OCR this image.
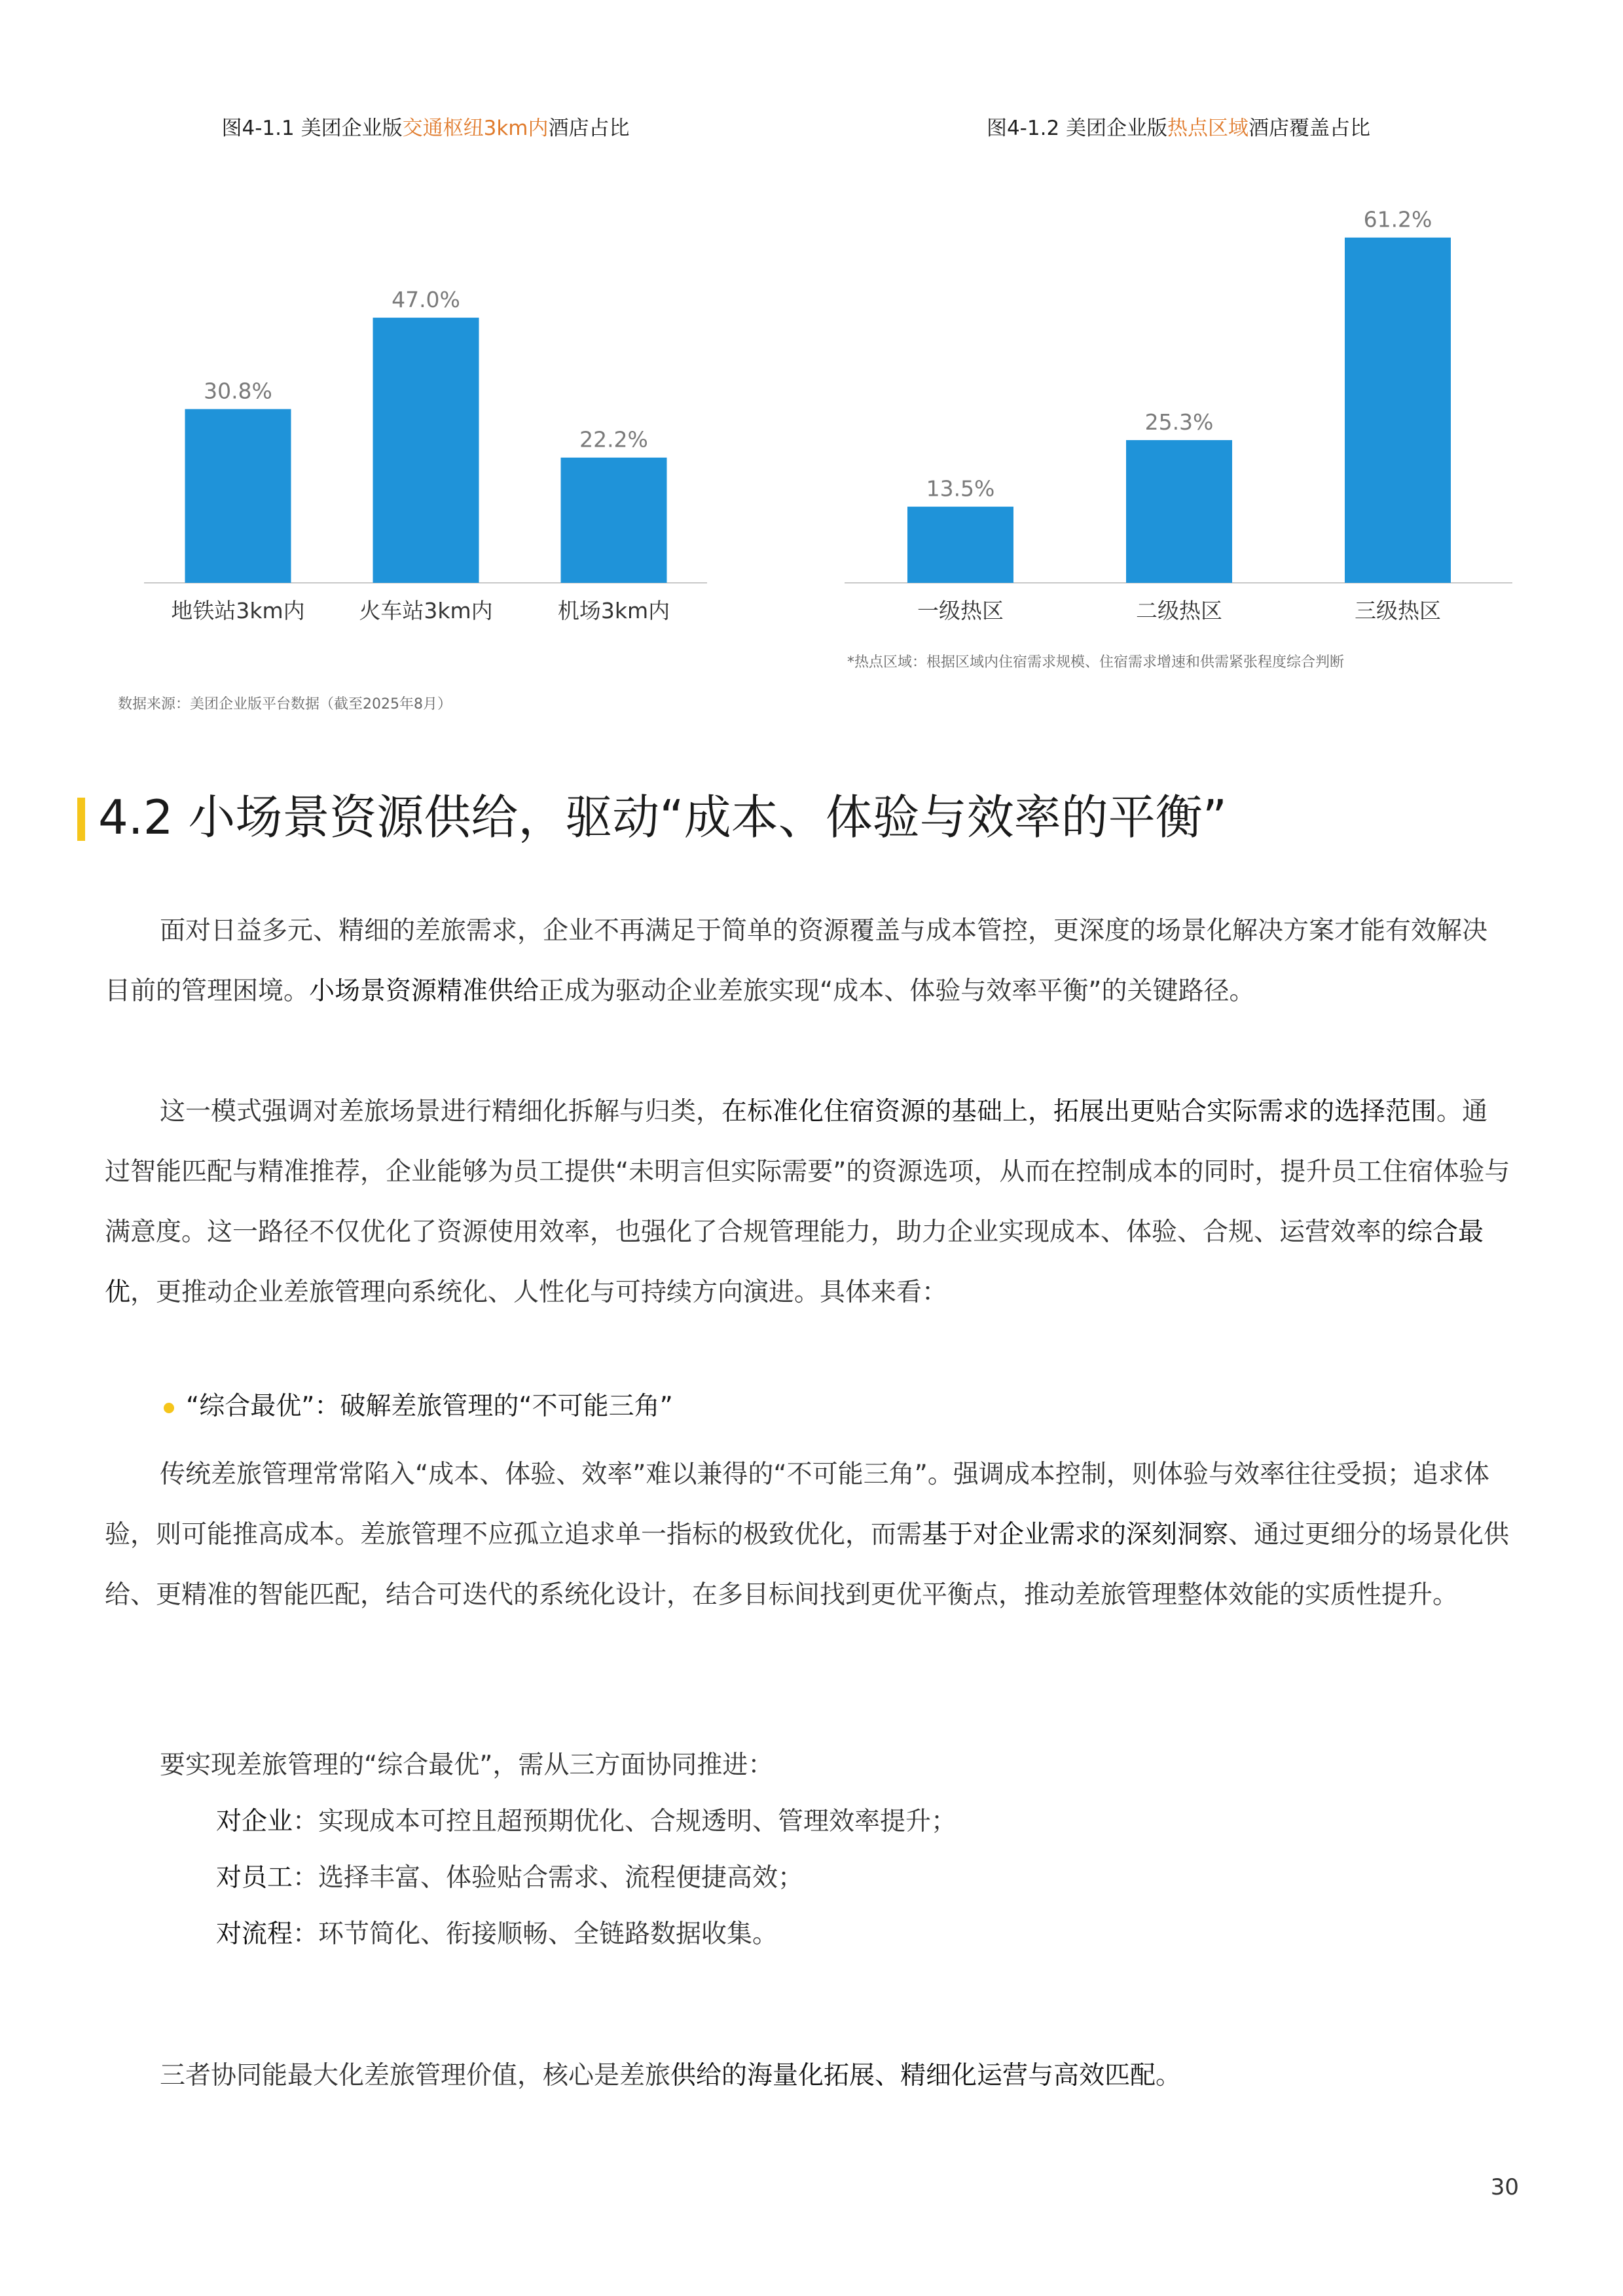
图4-1.1 美团企业版交通枢纽3km内酒店占比	图4-1.2 美团企业版热点区域酒店覆盖占比
30.8%
地铁站3km内
47.0%
火车站3km内
22.2%
机场3km内
13.5%
一级热区
25.3%
二级热区
61.2%
三级热区
*热点区域：根据区域内住宿需求规模、住宿需求增速和供需紧张程度综合判断
数据来源：美团企业版平台数据（截至2025年8月）
4.2 小场景资源供给，驱动“成本、体验与效率的平衡”

面对日益多元、精细的差旅需求，企业不再满足于简单的资源覆盖与成本管控，更深度的场景化解决方案才能有效解决目前的管理困境。小场景资源精准供给正成为驱动企业差旅实现“成本、体验与效率平衡”的关键路径。

这一模式强调对差旅场景进行精细化拆解与归类，在标准化住宿资源的基础上，拓展出更贴合实际需求的选择范围。通过智能匹配与精准推荐，企业能够为员工提供“未明言但实际需要”的资源选项，从而在控制成本的同时，提升员工住宿体验与满意度。这一路径不仅优化了资源使用效率，也强化了合规管理能力，助力企业实现成本、体验、合规、运营效率的综合最优，更推动企业差旅管理向系统化、人性化与可持续方向演进。具体来看：

“综合最优”：破解差旅管理的“不可能三角”

传统差旅管理常常陷入“成本、体验、效率”难以兼得的“不可能三角”。强调成本控制，则体验与效率往往受损；追求体验，则可能推高成本。差旅管理不应孤立追求单一指标的极致优化，而需基于对企业需求的深刻洞察、通过更细分的场景化供给、更精准的智能匹配，结合可迭代的系统化设计，在多目标间找到更优平衡点，推动差旅管理整体效能的实质性提升。

要实现差旅管理的“综合最优”，需从三方面协同推进：
对企业：实现成本可控且超预期优化、合规透明、管理效率提升；
对员工：选择丰富、体验贴合需求、流程便捷高效；
对流程：环节简化、衔接顺畅、全链路数据收集。
三者协同能最大化差旅管理价值，核心是差旅供给的海量化拓展、精细化运营与高效匹配。
30
